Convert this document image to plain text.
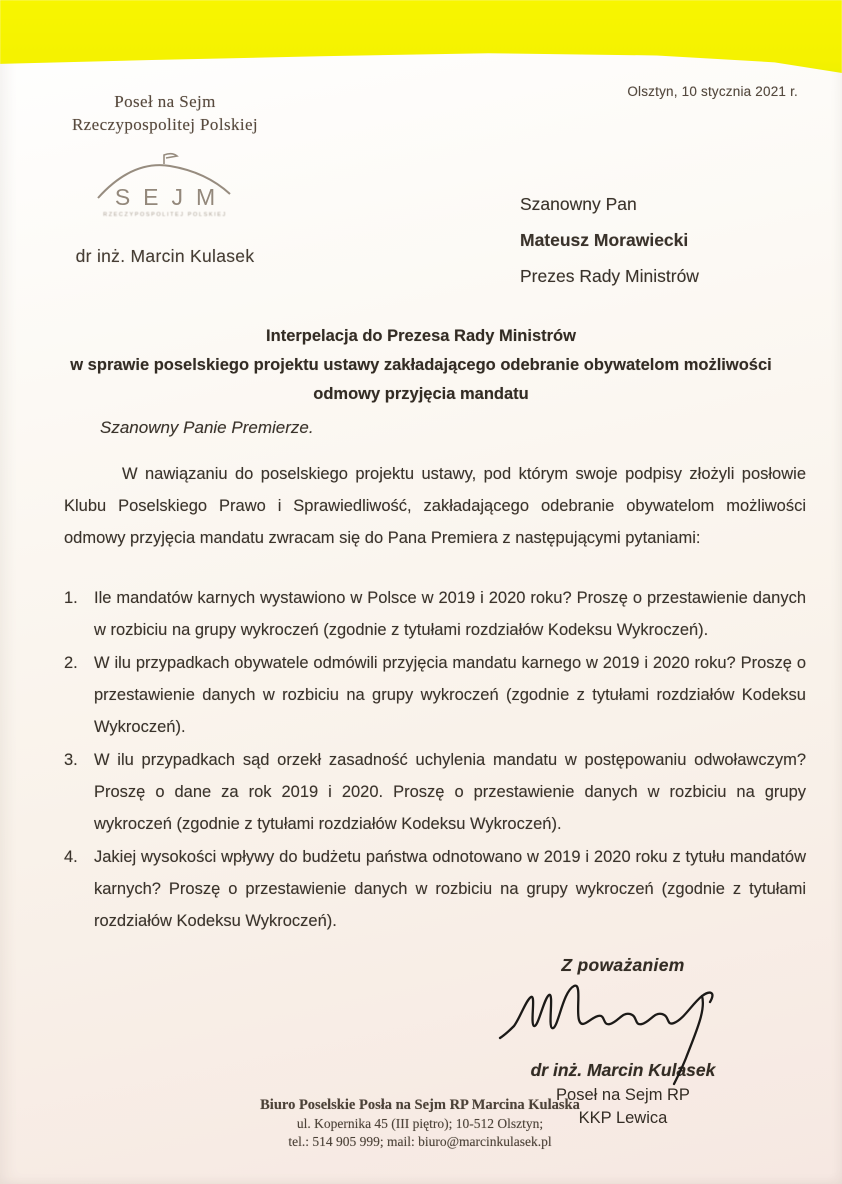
Poseł na Sejm
Rzeczypospolitej Polskiej
SEJM
RZECZYPOSPOLITEJ POLSKIEJ
dr inż. Marcin Kulasek
Olsztyn, 10 stycznia 2021 r.
Szanowny Pan
Mateusz Morawiecki
Prezes Rady Ministrów
Interpelacja do Prezesa Rady Ministrów
w sprawie poselskiego projektu ustawy zakładającego odebranie obywatelom możliwości odmowy przyjęcia mandatu
Szanowny Panie Premierze.
W nawiązaniu do poselskiego projektu ustawy, pod którym swoje podpisy złożyli posłowie Klubu Poselskiego Prawo i Sprawiedliwość, zakładającego odebranie obywatelom możliwości odmowy przyjęcia mandatu zwracam się do Pana Premiera z następującymi pytaniami:
1. Ile mandatów karnych wystawiono w Polsce w 2019 i 2020 roku? Proszę o przestawienie danych w rozbiciu na grupy wykroczeń (zgodnie z tytułami rozdziałów Kodeksu Wykroczeń).
2. W ilu przypadkach obywatele odmówili przyjęcia mandatu karnego w 2019 i 2020 roku? Proszę o przestawienie danych w rozbiciu na grupy wykroczeń (zgodnie z tytułami rozdziałów Kodeksu Wykroczeń).
3. W ilu przypadkach sąd orzekł zasadność uchylenia mandatu w postępowaniu odwoławczym? Proszę o dane za rok 2019 i 2020. Proszę o przestawienie danych w rozbiciu na grupy wykroczeń (zgodnie z tytułami rozdziałów Kodeksu Wykroczeń).
4. Jakiej wysokości wpływy do budżetu państwa odnotowano w 2019 i 2020 roku z tytułu mandatów karnych? Proszę o przestawienie danych w rozbiciu na grupy wykroczeń (zgodnie z tytułami rozdziałów Kodeksu Wykroczeń).
Z poważaniem
dr inż. Marcin Kulasek
Poseł na Sejm RP
KKP Lewica
Biuro Poselskie Posła na Sejm RP Marcina Kulaska
ul. Kopernika 45 (III piętro); 10-512 Olsztyn;
tel.: 514 905 999; mail: biuro@marcinkulasek.pl
